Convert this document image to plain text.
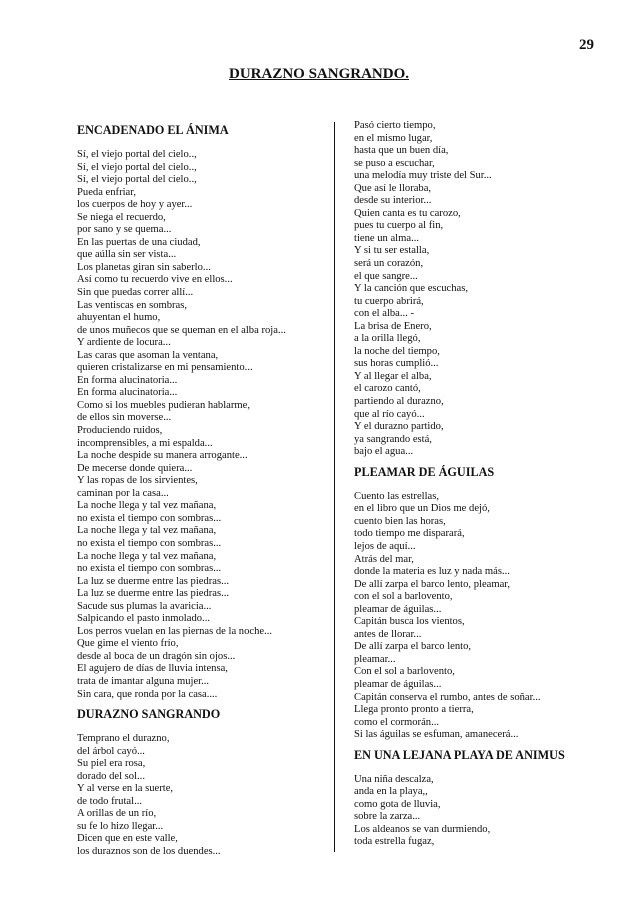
29
DURAZNO SANGRANDO.
ENCADENADO EL ÁNIMA
Sí, el viejo portal del cielo..,
Sí, el viejo portal del cielo..,
Sí, el viejo portal del cielo..,
Pueda enfriar,
los cuerpos de hoy y ayer...
Se niega el recuerdo,
por sano y se quema...
En las puertas de una ciudad,
que aúlla sin ser vista...
Los planetas giran sin saberlo...
Así como tu recuerdo vive en ellos...
Sin que puedas correr allí...
Las ventiscas en sombras,
ahuyentan el humo,
de unos muñecos que se queman en el alba roja...
Y ardiente de locura...
Las caras que asoman la ventana,
quieren cristalizarse en mi pensamiento...
En forma alucinatoria...
En forma alucinatoria...
Como si los muebles pudieran hablarme,
de ellos sin moverse...
Produciendo ruidos,
incomprensibles, a mi espalda...
La noche despide su manera arrogante...
De mecerse donde quiera...
Y las ropas de los sirvientes,
caminan por la casa...
La noche llega y tal vez mañana,
no exista el tiempo con sombras...
La noche llega y tal vez mañana,
no exista el tiempo con sombras...
La noche llega y tal vez mañana,
no exista el tiempo con sombras...
La luz se duerme entre las piedras...
La luz se duerme entre las piedras...
Sacude sus plumas la avaricia...
Salpicando el pasto inmolado...
Los perros vuelan en las piernas de la noche...
Que gime el viento frío,
desde al boca de un dragón sin ojos...
El agujero de días de lluvia intensa,
trata de imantar alguna mujer...
Sin cara, que ronda por la casa....
DURAZNO SANGRANDO
Temprano el durazno,
del árbol cayó...
Su piel era rosa,
dorado del sol...
Y al verse en la suerte,
de todo frutal...
A orillas de un río,
su fe lo hizo llegar...
Dicen que en este valle,
los duraznos son de los duendes...
Pasó cierto tiempo,
en el mismo lugar,
hasta que un buen día,
se puso a escuchar,
una melodía muy triste del Sur...
Que así le lloraba,
desde su interior...
Quien canta es tu carozo,
pues tu cuerpo al fin,
tiene un alma...
Y si tu ser estalla,
será un corazón,
el que sangre...
Y la canción que escuchas,
tu cuerpo abrirá,
con el alba... -
La brisa de Enero,
a la orilla llegó,
la noche del tiempo,
sus horas cumplió...
Y al llegar el alba,
el carozo cantó,
partiendo al durazno,
que al río cayó...
Y el durazno partido,
ya sangrando está,
bajo el agua...
PLEAMAR DE ÁGUILAS
Cuento las estrellas,
en el libro que un Dios me dejó,
cuento bien las horas,
todo tiempo me disparará,
lejos de aquí...
Atrás del mar,
donde la materia es luz y nada más...
De allí zarpa el barco lento, pleamar,
con el sol a barlovento,
pleamar de águilas...
Capitán busca los vientos,
antes de llorar...
De allí zarpa el barco lento,
pleamar...
Con el sol a barlovento,
pleamar de águilas...
Capitán conserva el rumbo, antes de soñar...
Llega pronto pronto a tierra,
como el cormorán...
Si las águilas se esfuman, amanecerá...
EN UNA LEJANA PLAYA DE ANIMUS
Una niña descalza,
anda en la playa,,
como gota de lluvia,
sobre la zarza...
Los aldeanos se van durmiendo,
toda estrella fugaz,
